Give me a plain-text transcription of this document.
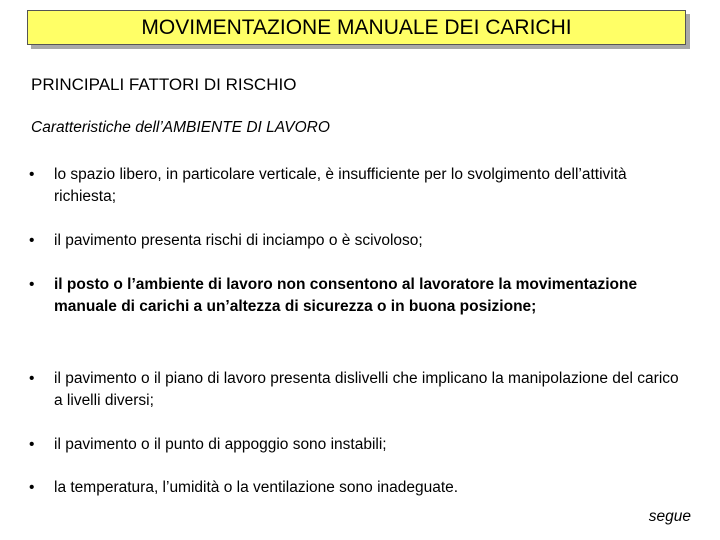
MOVIMENTAZIONE MANUALE DEI CARICHI
PRINCIPALI FATTORI DI RISCHIO
Caratteristiche dell’AMBIENTE DI LAVORO
• lo spazio libero, in particolare verticale, è insufficiente per lo svolgimento dell’attività richiesta;
• il pavimento presenta rischi di inciampo o è scivoloso;
• il posto o l’ambiente di lavoro non consentono al lavoratore la movimentazione manuale di carichi a un’altezza di sicurezza o in buona posizione;
• il pavimento o il piano di lavoro presenta dislivelli che implicano la manipolazione del carico a livelli diversi;
• il pavimento o il punto di appoggio sono instabili;
• la temperatura, l’umidità o la ventilazione sono inadeguate.
segue
